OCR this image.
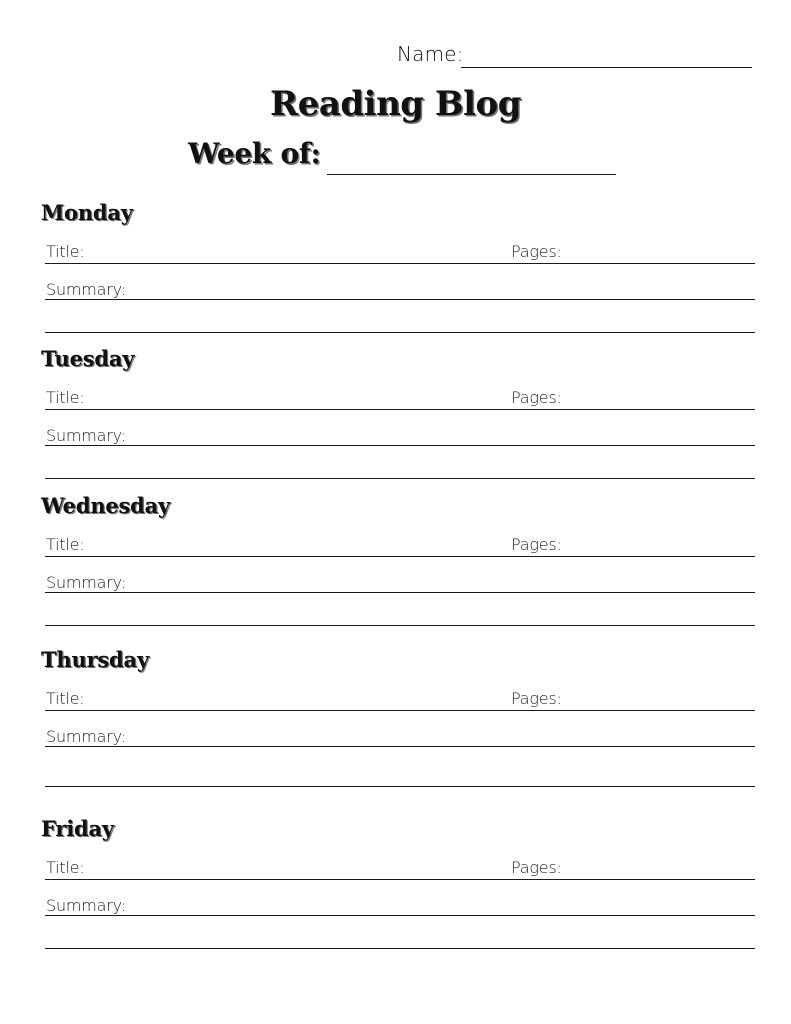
Name:
Reading Blog
Week of:
Monday
Title:	Pages:
Summary:
Tuesday
Title:	Pages:
Summary:
Wednesday
Title:	Pages:
Summary:
Thursday
Title:	Pages:
Summary:
Friday
Title:	Pages:
Summary:
